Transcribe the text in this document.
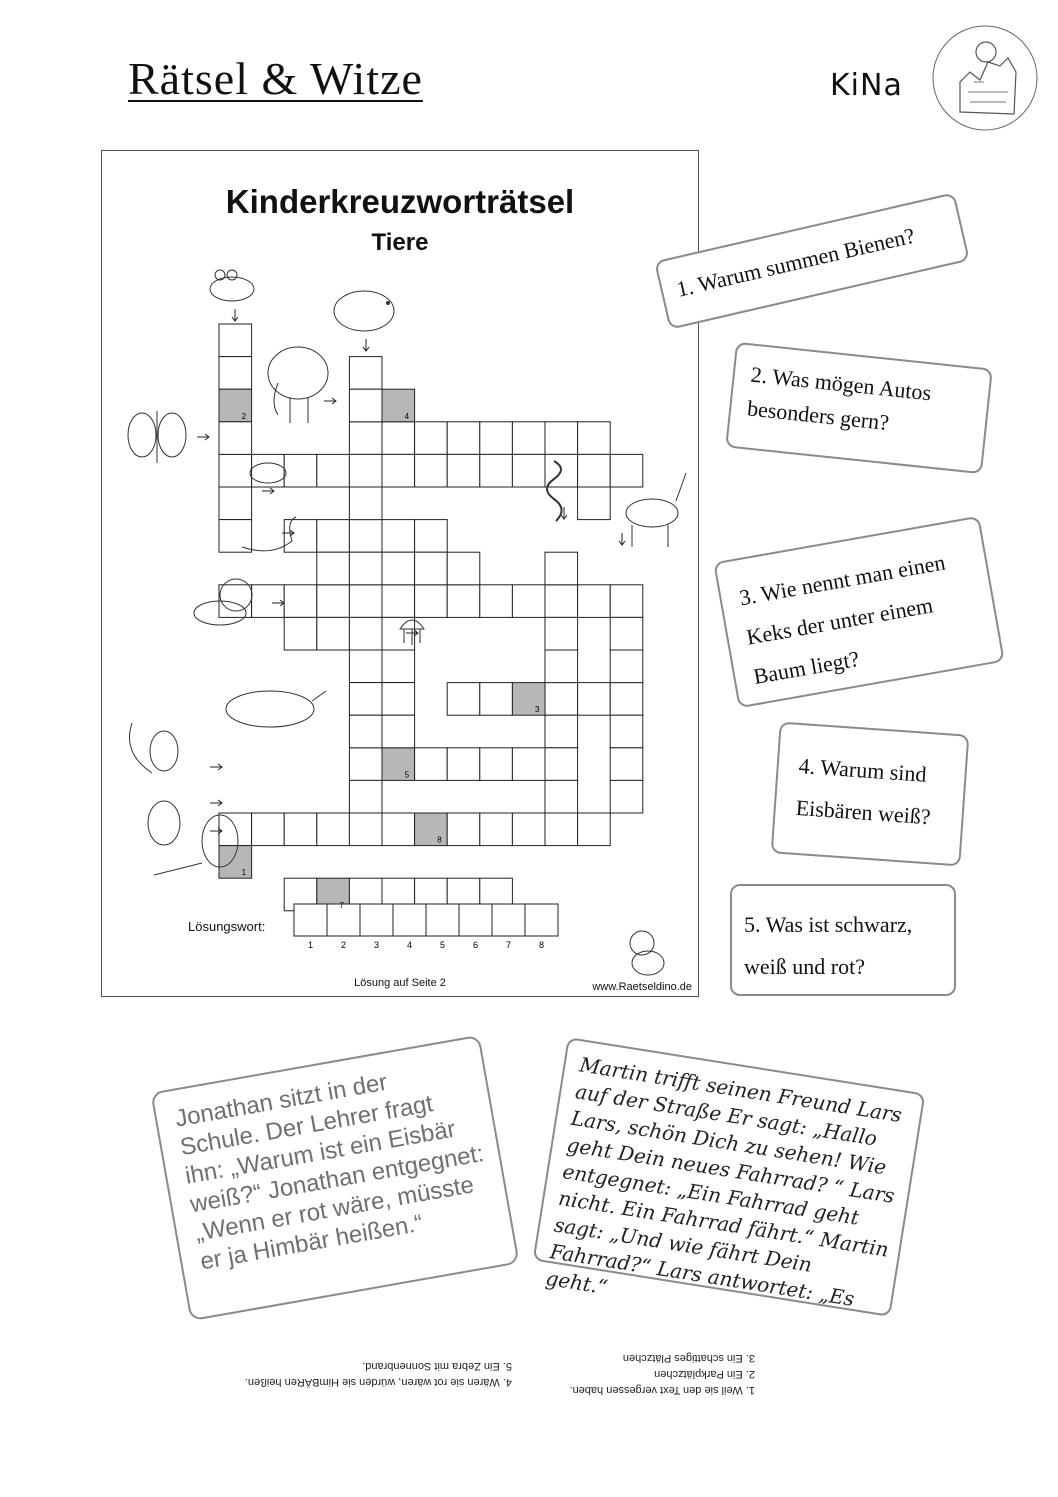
Rätsel & Witze	KiNa
Kinderkreuzworträtsel
Tiere
1	2	3	4	5	6	7	8
3
5
8
7
2
1
4
Lösungswort:
Lösung auf Seite 2	www.Raetseldino.de

1. Warum summen Bienen?

2. Was mögen Autos besonders gern?

3. Wie nennt man einen Keks der unter einem Baum liegt?

4. Warum sind Eisbären weiß?

5. Was ist schwarz, weiß und rot?

Jonathan sitzt in der Schule. Der Lehrer fragt ihn: „Warum ist ein Eisbär weiß?“ Jonathan entgegnet: „Wenn er rot wäre, müsste er ja Himbär heißen.“

Martin trifft seinen Freund Lars auf der Straße Er sagt: „Hallo Lars, schön Dich zu sehen! Wie geht Dein neues Fahrrad? “ Lars entgegnet: „Ein Fahrrad geht nicht. Ein Fahrrad fährt.“ Martin sagt: „Und wie fährt Dein Fahrrad?“ Lars antwortet: „Es geht.“

1. Weil sie den Text vergessen haben.
2. Ein Parkplätzchen
3. Ein schattiges Plätzchen
4. Wären sie rot wären, würden sie HimBÄRen heißen.
5. Ein Zebra mit Sonnenbrand.
